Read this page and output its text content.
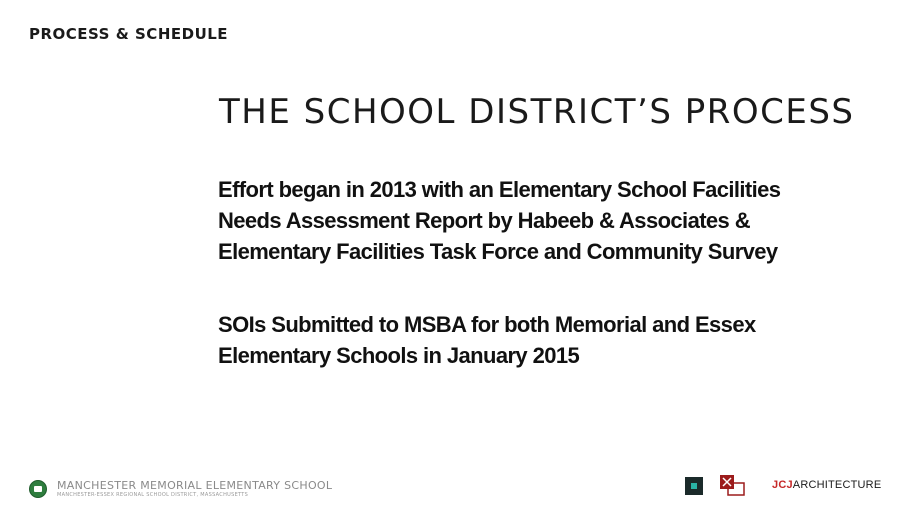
PROCESS & SCHEDULE
THE SCHOOL DISTRICT’S PROCESS
Effort began in 2013 with an Elementary School Facilities
Needs Assessment Report by Habeeb & Associates &
Elementary Facilities Task Force and Community Survey
SOIs Submitted to MSBA for both Memorial and Essex
Elementary Schools in January 2015
MANCHESTER MEMORIAL ELEMENTARY SCHOOL
MANCHESTER-ESSEX REGIONAL SCHOOL DISTRICT, MASSACHUSETTS
JCJARCHITECTURE
